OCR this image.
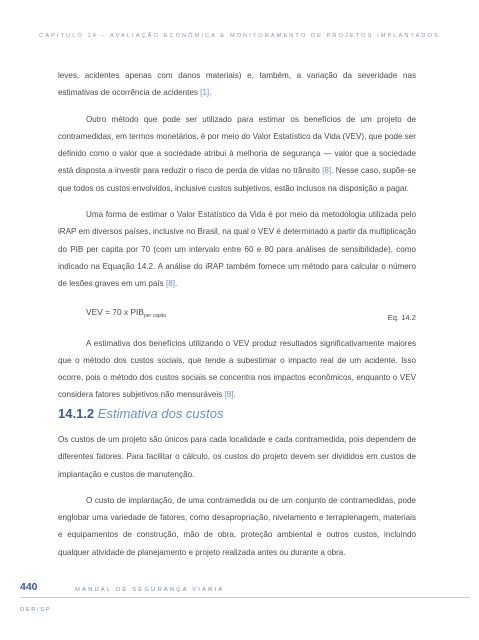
CAPÍTULO 14 – AVALIAÇÃO ECONÔMICA E MONITORAMENTO DE PROJETOS IMPLANTADOS

leves, acidentes apenas com danos materiais) e, também, a variação da severidade nas estimativas de ocorrência de acidentes [1].

Outro método que pode ser utilizado para estimar os benefícios de um projeto de contramedidas, em termos monetários, é por meio do Valor Estatístico da Vida (VEV), que pode ser definido como o valor que a sociedade atribui à melhoria de segurança — valor que a sociedade está disposta a investir para reduzir o risco de perda de vidas no trânsito [8]. Nesse caso, supõe-se que todos os custos envolvidos, inclusive custos subjetivos, estão inclusos na disposição a pagar.

Uma forma de estimar o Valor Estatístico da Vida é por meio da metodologia utilizada pelo iRAP em diversos países, inclusive no Brasil, na qual o VEV é determinado a partir da multiplicação do PIB per capita por 70 (com um intervalo entre 60 e 80 para análises de sensibilidade), como indicado na Equação 14.2. A análise do iRAP também fornece um método para calcular o número de lesões graves em um país [8].

VEV = 70 x $PIB_{per capita}$	Eq. 14.2

A estimativa dos benefícios utilizando o VEV produz resultados significativamente maiores que o método dos custos sociais, que tende a subestimar o impacto real de um acidente. Isso ocorre, pois o método dos custos sociais se concentra nos impactos econômicos, enquanto o VEV considera fatores subjetivos não mensuráveis [8].

14.1.2 Estimativa dos custos

Os custos de um projeto são únicos para cada localidade e cada contramedida, pois dependem de diferentes fatores. Para facilitar o cálculo, os custos do projeto devem ser divididos em custos de implantação e custos de manutenção.

O custo de implantação, de uma contramedida ou de um conjunto de contramedidas, pode englobar uma variedade de fatores, como desapropriação, nivelamento e terraplenagem, materiais e equipamentos de construção, mão de obra, proteção ambiental e outros custos, incluindo qualquer atividade de planejamento e projeto realizada antes ou durante a obra.

440	MANUAL DE SEGURANÇA VIÁRIA
DER/SP
